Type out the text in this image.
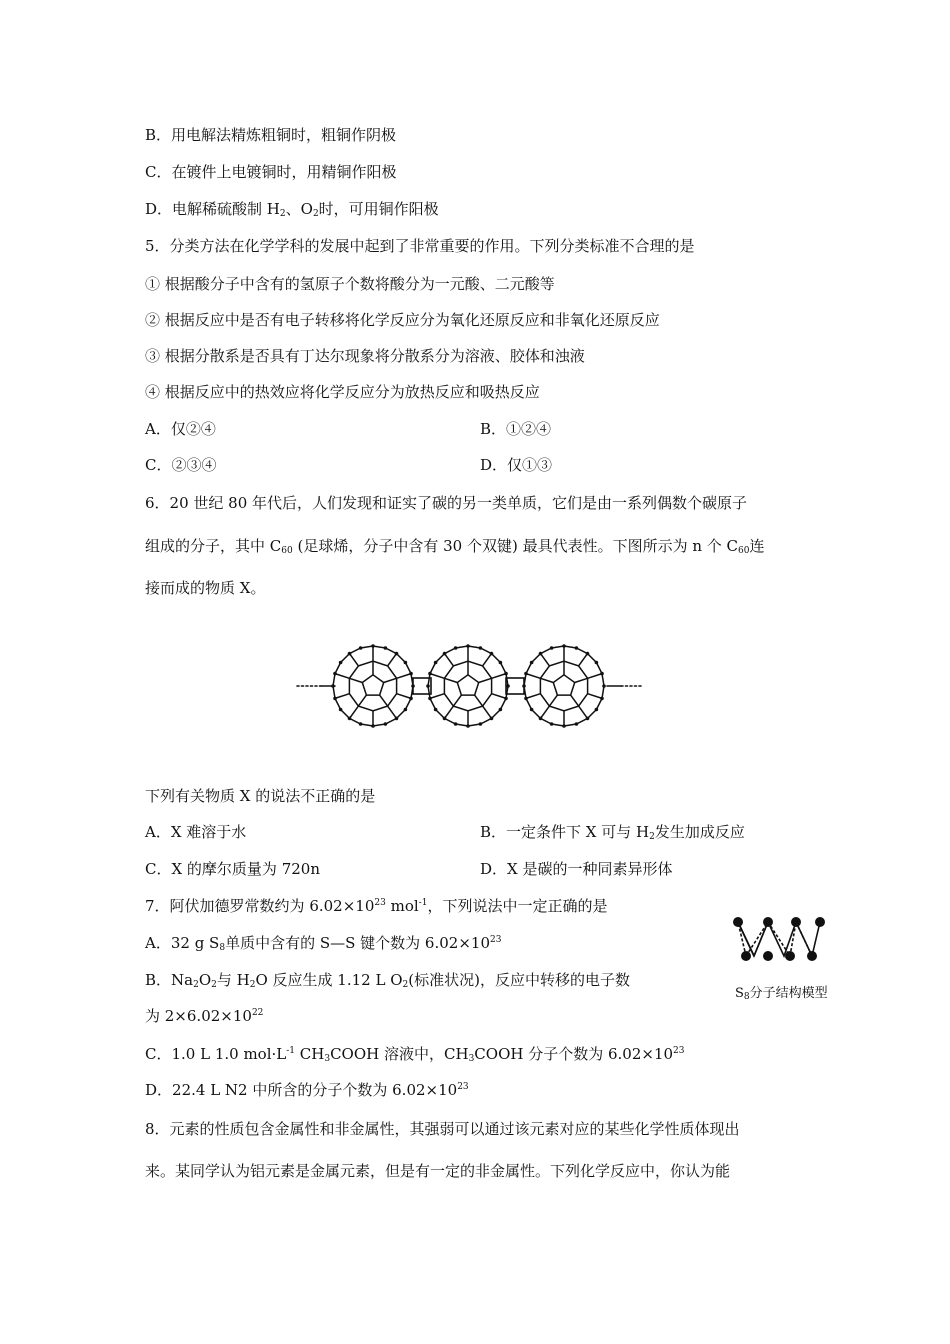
B．用电解法精炼粗铜时，粗铜作阴极
C．在镀件上电镀铜时，用精铜作阳极
D．电解稀硫酸制 $H_2$、$O_2$时，可用铜作阳极
5．分类方法在化学学科的发展中起到了非常重要的作用。下列分类标准不合理的是
① 根据酸分子中含有的氢原子个数将酸分为一元酸、二元酸等
② 根据反应中是否有电子转移将化学反应分为氧化还原反应和非氧化还原反应
③ 根据分散系是否具有丁达尔现象将分散系分为溶液、胶体和浊液
④ 根据反应中的热效应将化学反应分为放热反应和吸热反应
A．仅②④	B．①②④
C．②③④	D．仅①③
6．20 世纪 80 年代后，人们发现和证实了碳的另一类单质，它们是由一系列偶数个碳原子
组成的分子，其中 $C_{60}$ (足球烯，分子中含有 30 个双键) 最具代表性。下图所示为 n 个 $C_{60}$连
接而成的物质 X。
下列有关物质 X 的说法不正确的是
A．X 难溶于水	B．一定条件下 X 可与 $H_2$发生加成反应
C．X 的摩尔质量为 720n	D．X 是碳的一种同素异形体
7．阿伏加德罗常数约为 $6.02\times 10^{23}$ mol$^{-1}$，下列说法中一定正确的是
A．32 g $S_8$单质中含有的 S—S 键个数为 $6.02\times 10^{23}$
B．$Na_2O_2$与 $H_2O$ 反应生成 1.12 L $O_2$(标准状况)，反应中转移的电子数
为 $2\times 6.02\times 10^{22}$
C．1.0 L 1.0 $mol\cdot L^{-1}$ $CH_3COOH$ 溶液中，$CH_3COOH$ 分子个数为 $6.02\times 10^{23}$
D．22.4 L N2 中所含的分子个数为 $6.02\times 10^{23}$
$S_8$分子结构模型
8．元素的性质包含金属性和非金属性，其强弱可以通过该元素对应的某些化学性质体现出
来。某同学认为铝元素是金属元素，但是有一定的非金属性。下列化学反应中，你认为能
